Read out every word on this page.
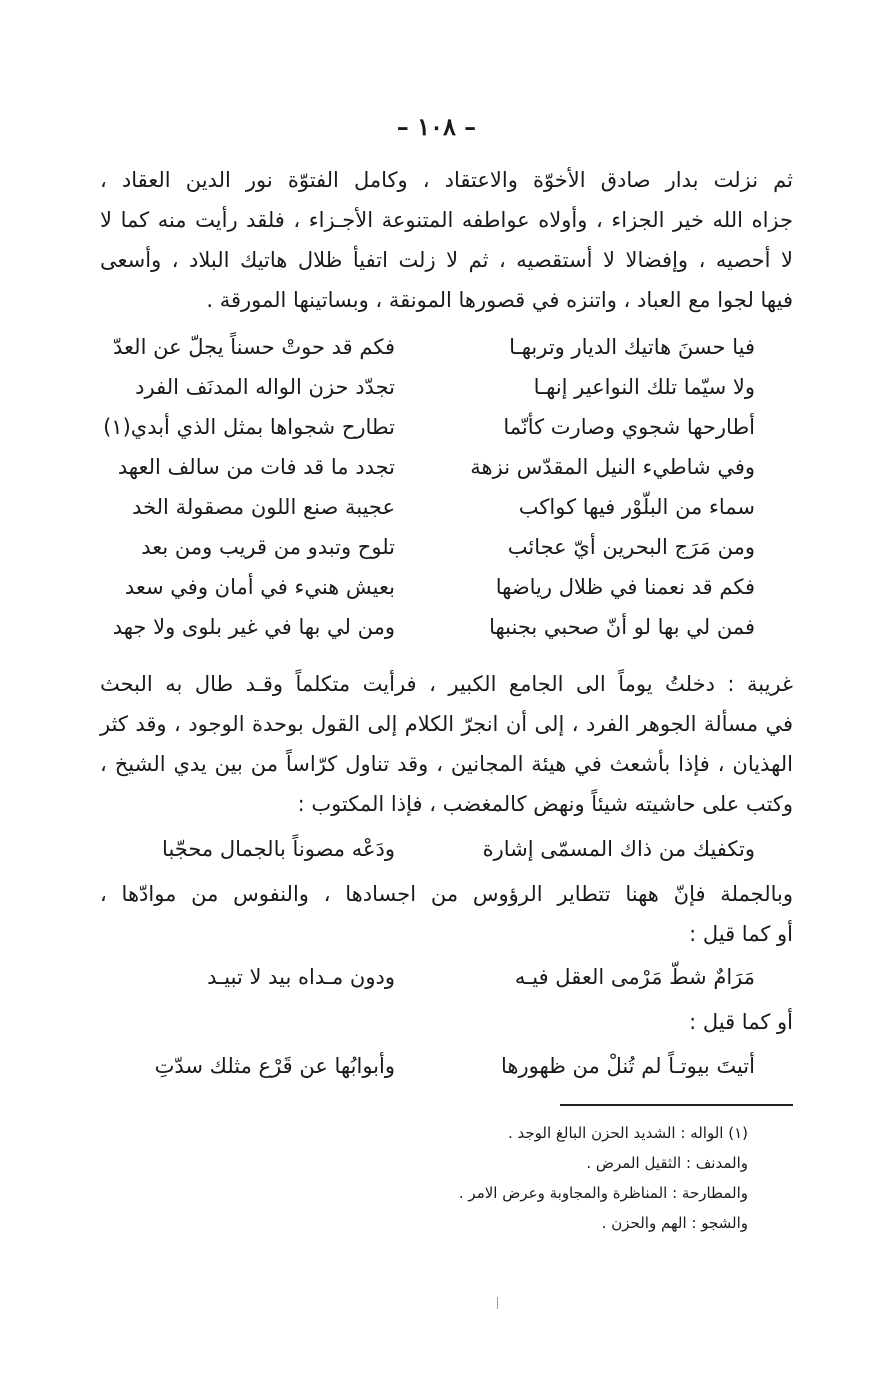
– ١٠٨ –
ثم نزلت بدار صادق الأخوّة والاعتقاد ، وكامل الفتوّة نور الدين العقاد ،
جزاه الله خير الجزاء ، وأولاه عواطفه المتنوعة الأجـزاء ، فلقد رأيت منه كما لا
لا أحصيه ، وإفضالا لا أستقصيه ، ثم لا زلت اتفيأ ظلال هاتيك البلاد ، وأسعى
فيها لجوا مع العباد ، واتنزه في قصورها المونقة ، وبساتينها المورقة .
فيا حسنَ هاتيك الديار وتربهـا
فكم قد حوتْ حسناً يجلّ عن العدّ
ولا سيّما تلك النواعير إنهـا
تجدّد حزن الواله المدنَف الفرد
أطارحها شجوي وصارت كأنّما
تطارح شجواها بمثل الذي أبدي(١)
وفي شاطيء النيل المقدّس نزهة
تجدد ما قد فات من سالف العهد
سماء من البلّوْر فيها كواكب
عجيبة صنع اللون مصقولة الخد
ومن مَرَج البحرين أيّ عجائب
تلوح وتبدو من قريب ومن بعد
فكم قد نعمنا في ظلال رياضها
بعيش هنيء في أمان وفي سعد
فمن لي بها لو أنّ صحبي بجنبها
ومن لي بها في غير بلوى ولا جهد
غريبة : دخلتُ يوماً الى الجامع الكبير ، فرأيت متكلماً وقـد طال به البحث
في مسألة الجوهر الفرد ، إلى أن انجرّ الكلام إلى القول بوحدة الوجود ، وقد كثر
الهذيان ، فإذا بأشعث في هيئة المجانين ، وقد تناول كرّاساً من بين يدي الشيخ ،
وكتب على حاشيته شيئاً ونهض كالمغضب ، فإذا المكتوب :
وتكفيك من ذاك المسمّى إشارة
ودَعْه مصوناً بالجمال محجّبا
وبالجملة فإنّ ههنا تتطاير الرؤوس من اجسادها ، والنفوس من موادّها ،
أو كما قيل :
مَرَامٌ شطّ مَرْمى العقل فيـه
ودون مـداه بيد لا تبيـد
أو كما قيل :
أتيتَ بيوتـاً لم تُنلْ من ظهورها
وأبوابُها عن قَرْع مثلك سدّتِ
(١) الواله : الشديد الحزن البالغ الوجد .
والمدنف : الثقيل المرض .
والمطارحة : المناظرة والمجاوبة وعرض الامر .
والشجو : الهم والحزن .
